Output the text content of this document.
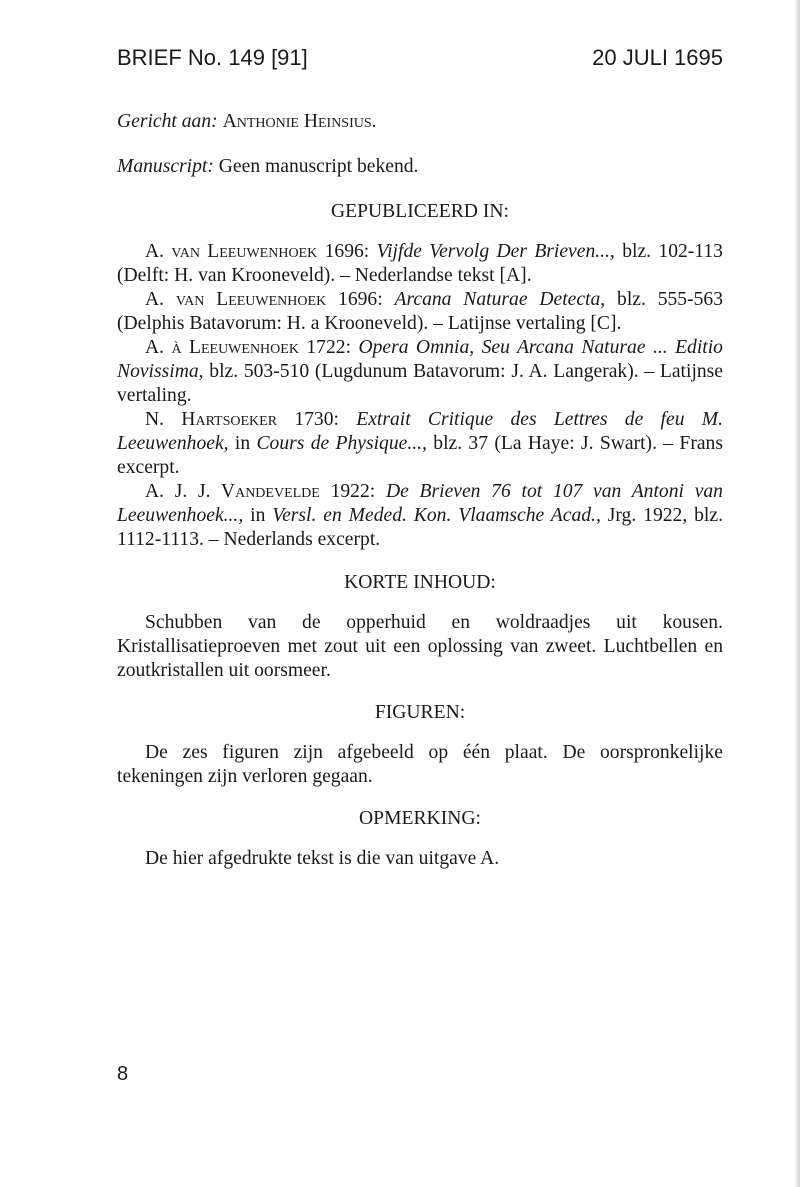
BRIEF No. 149 [91]	20 JULI 1695

Gericht aan: Anthonie Heinsius.

Manuscript: Geen manuscript bekend.

GEPUBLICEERD IN:

A. van Leeuwenhoek 1696: Vijfde Vervolg Der Brieven..., blz. 102-113 (Delft: H. van Krooneveld). – Nederlandse tekst [A].

A. van Leeuwenhoek 1696: Arcana Naturae Detecta, blz. 555-563 (Delphis Batavorum: H. a Krooneveld). – Latijnse vertaling [C].

A. à Leeuwenhoek 1722: Opera Omnia, Seu Arcana Naturae ... Editio Novissima, blz. 503-510 (Lugdunum Batavorum: J. A. Langerak). – Latijnse vertaling.

N. Hartsoeker 1730: Extrait Critique des Lettres de feu M. Leeuwenhoek, in Cours de Physique..., blz. 37 (La Haye: J. Swart). – Frans excerpt.

A. J. J. Vandevelde 1922: De Brieven 76 tot 107 van Antoni van Leeuwenhoek..., in Versl. en Meded. Kon. Vlaamsche Acad., Jrg. 1922, blz. 1112-1113. – Nederlands excerpt.

KORTE INHOUD:

Schubben van de opperhuid en woldraadjes uit kousen. Kristallisatieproeven met zout uit een oplossing van zweet. Luchtbellen en zoutkristallen uit oorsmeer.

FIGUREN:

De zes figuren zijn afgebeeld op één plaat. De oorspronkelijke tekeningen zijn verloren gegaan.

OPMERKING:

De hier afgedrukte tekst is die van uitgave A.

8
